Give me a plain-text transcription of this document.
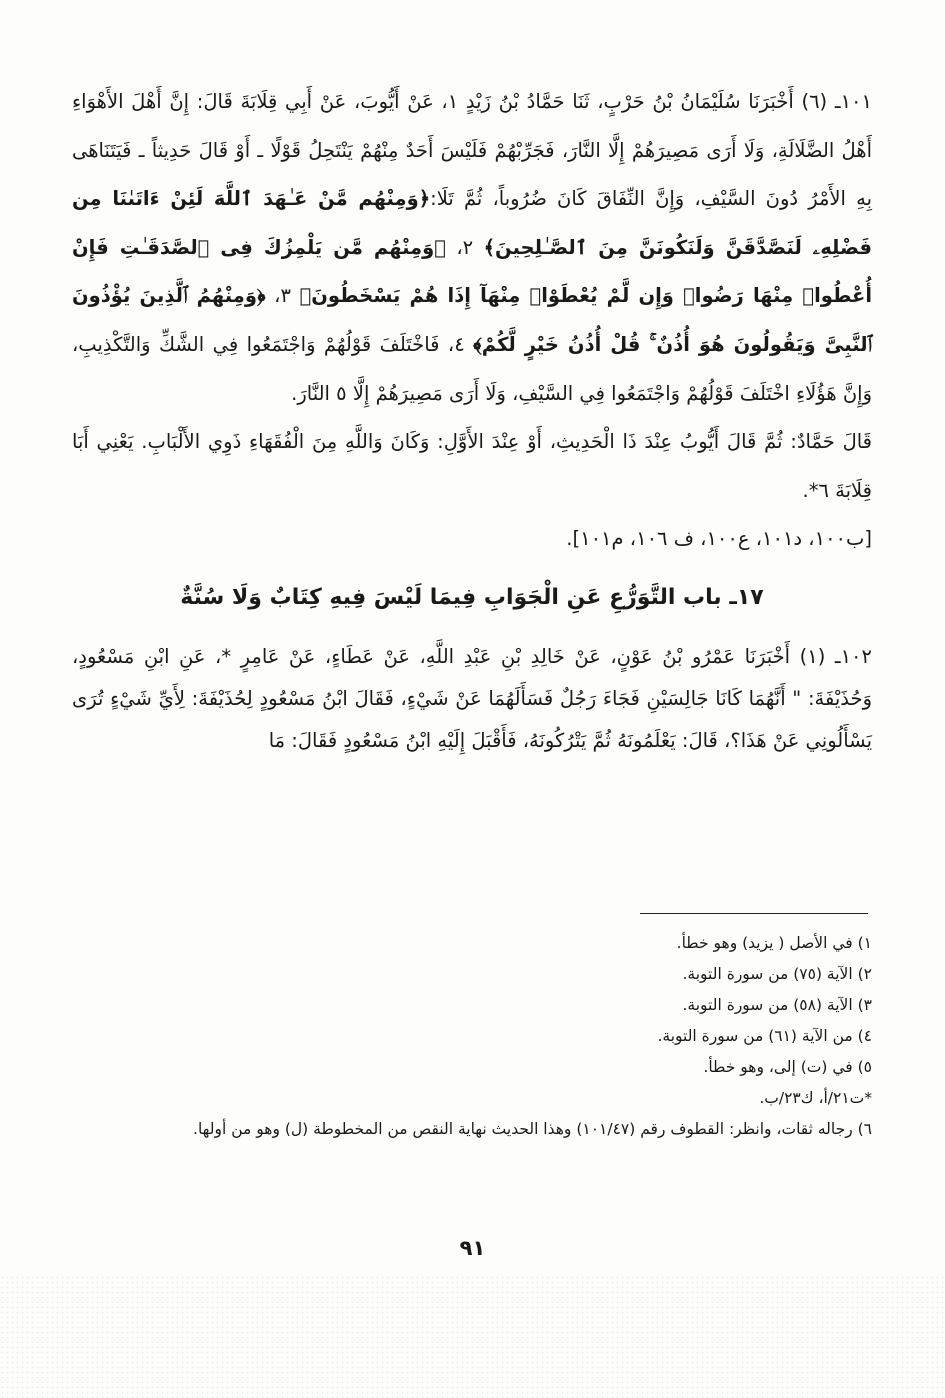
١٠١ـ (٦) أَخْبَرَنَا سُلَيْمَانُ بْنُ حَرْبٍ، ثَنَا حَمَّادُ بْنُ زَيْدٍ ١، عَنْ أَيُّوبَ، عَنْ أَبِي قِلَابَةَ قَالَ: إِنَّ أَهْلَ الأَهْوَاءِ أَهْلُ الضَّلَالَةِ، وَلَا أَرَى مَصِيرَهُمْ إِلَّا النَّارَ، فَجَرِّبْهُمْ فَلَيْسَ أَحَدٌ مِنْهُمْ يَنْتَحِلُ قَوْلًا ـ أَوْ قَالَ حَدِيثاً ـ فَيَتَنَاهَى بِهِ الأَمْرُ دُونَ السَّيْفِ، وَإِنَّ النِّفَاقَ كَانَ ضُرُوباً، ثُمَّ تَلَا:﴿وَمِنْهُم مَّنْ عَـٰهَدَ ٱللَّهَ لَئِنْ ءَاتَىٰنَا مِن فَضْلِهِۦ لَنَصَّدَّقَنَّ وَلَنَكُونَنَّ مِنَ ٱلصَّـٰلِحِينَ﴾ ٢، ﴿وَمِنْهُم مَّن يَلْمِزُكَ فِى ٱلصَّدَقَـٰتِ فَإِنْ أُعْطُوا۟ مِنْهَا رَضُوا۟ وَإِن لَّمْ يُعْطَوْا۟ مِنْهَآ إِذَا هُمْ يَسْخَطُونَ﴾ ٣، ﴿وَمِنْهُمُ ٱلَّذِينَ يُؤْذُونَ ٱلنَّبِىَّ وَيَقُولُونَ هُوَ أُذُنٌ ۚ قُلْ أُذُنُ خَيْرٍ لَّكُمْ﴾ ٤، فَاخْتَلَفَ قَوْلُهُمْ وَاجْتَمَعُوا فِي الشَّكِّ وَالتَّكْذِيبِ، وَإِنَّ هَؤُلَاءِ اخْتَلَفَ قَوْلُهُمْ وَاجْتَمَعُوا فِي السَّيْفِ، وَلَا أَرَى مَصِيرَهُمْ إِلَّا ٥ النَّارَ.

قَالَ حَمَّادٌ: ثُمَّ قَالَ أَيُّوبُ عِنْدَ ذَا الْحَدِيثِ، أَوْ عِنْدَ الأَوَّلِ: وَكَانَ وَاللَّهِ مِنَ الْفُقَهَاءِ ذَوِي الأَلْبَابِ. يَعْنِي أَبَا قِلَابَةَ ٦*.

[ب١٠٠، د١٠١، ع١٠٠، ف ١٠٦، م١٠١].

١٧ـ باب التَّوَرُّعِ عَنِ الْجَوَابِ فِيمَا لَيْسَ فِيهِ كِتَابٌ وَلَا سُنَّةٌ
١٠٢ـ (١) أَخْبَرَنَا عَمْرُو بْنُ عَوْنٍ، عَنْ خَالِدِ بْنِ عَبْدِ اللَّهِ، عَنْ عَطَاءٍ، عَنْ عَامِرٍ *، عَنِ ابْنِ مَسْعُودٍ، وَحُذَيْفَةَ: " أَنَّهُمَا كَانَا جَالِسَيْنِ فَجَاءَ رَجُلٌ فَسَأَلَهُمَا عَنْ شَيْءٍ، فَقَالَ ابْنُ مَسْعُودٍ لِحُذَيْفَةَ: لِأَيِّ شَيْءٍ تُرَى يَسْأَلُونِي عَنْ هَذَا؟، قَالَ: يَعْلَمُونَهُ ثُمَّ يَتْرُكُونَهُ، فَأَقْبَلَ إِلَيْهِ ابْنُ مَسْعُودٍ فَقَالَ: مَا

١) في الأصل ( يزيد) وهو خطأ.

٢) الآية (٧٥) من سورة التوبة.

٣) الآية (٥٨) من سورة التوبة.

٤) من الآية (٦١) من سورة التوبة.

٥) في (ت) إلى، وهو خطأ.

*ت٢١/أ، ك٢٣/ب.

٦) رجاله ثقات، وانظر: القطوف رقم (١٠١/٤٧) وهذا الحديث نهاية النقص من المخطوطة (ل) وهو من أولها.

٩١
